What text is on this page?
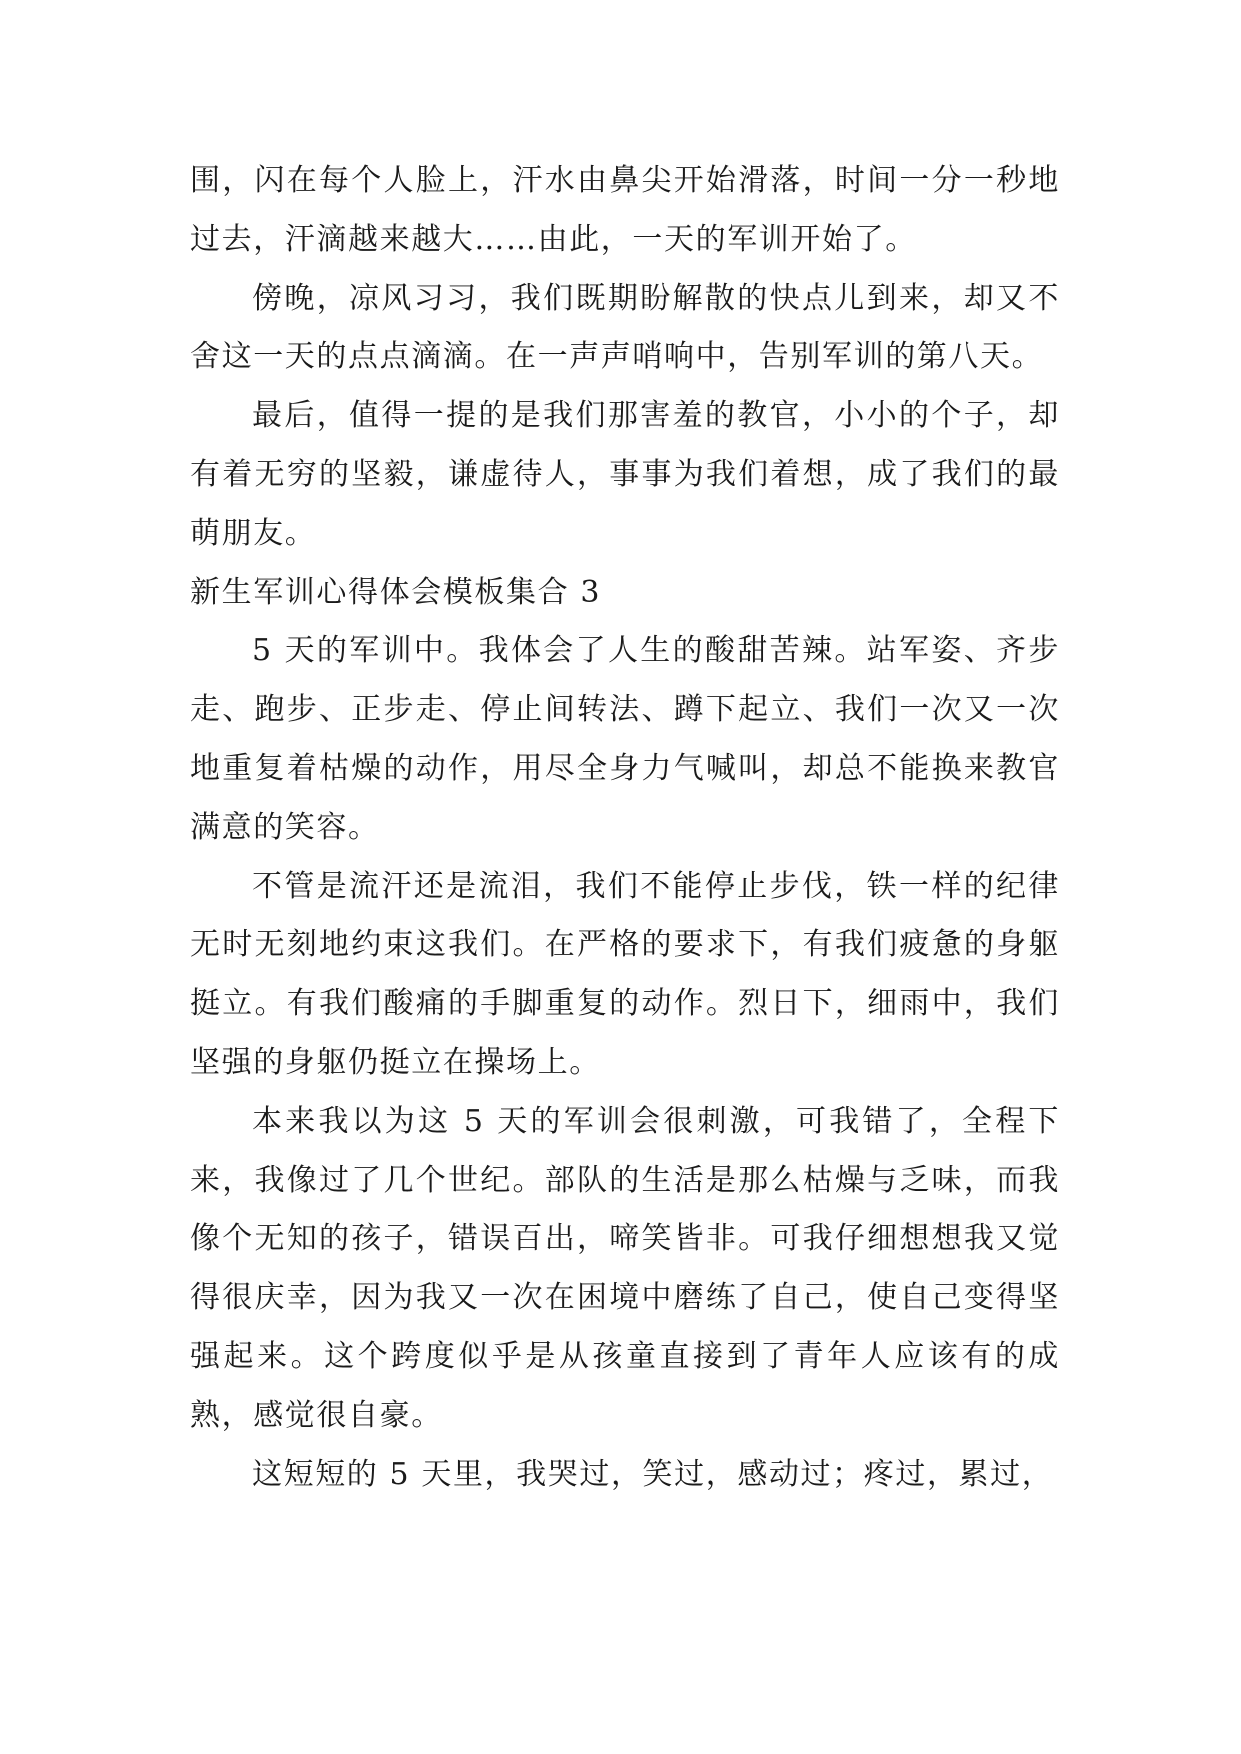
围，闪在每个人脸上，汗水由鼻尖开始滑落，时间一分一秒地过去，汗滴越来越大……由此，一天的军训开始了。

傍晚，凉风习习，我们既期盼解散的快点儿到来，却又不舍这一天的点点滴滴。在一声声哨响中，告别军训的第八天。

最后，值得一提的是我们那害羞的教官，小小的个子，却有着无穷的坚毅，谦虚待人，事事为我们着想，成了我们的最萌朋友。

新生军训心得体会模板集合 3

5 天的军训中。我体会了人生的酸甜苦辣。站军姿、齐步走、跑步、正步走、停止间转法、蹲下起立、我们一次又一次地重复着枯燥的动作，用尽全身力气喊叫，却总不能换来教官满意的笑容。

不管是流汗还是流泪，我们不能停止步伐，铁一样的纪律无时无刻地约束这我们。在严格的要求下，有我们疲惫的身躯挺立。有我们酸痛的手脚重复的动作。烈日下，细雨中，我们坚强的身躯仍挺立在操场上。

本来我以为这 5 天的军训会很刺激，可我错了，全程下来，我像过了几个世纪。部队的生活是那么枯燥与乏味，而我像个无知的孩子，错误百出，啼笑皆非。可我仔细想想我又觉得很庆幸，因为我又一次在困境中磨练了自己，使自己变得坚强起来。这个跨度似乎是从孩童直接到了青年人应该有的成熟，感觉很自豪。

这短短的 5 天里，我哭过，笑过，感动过；疼过，累过，
